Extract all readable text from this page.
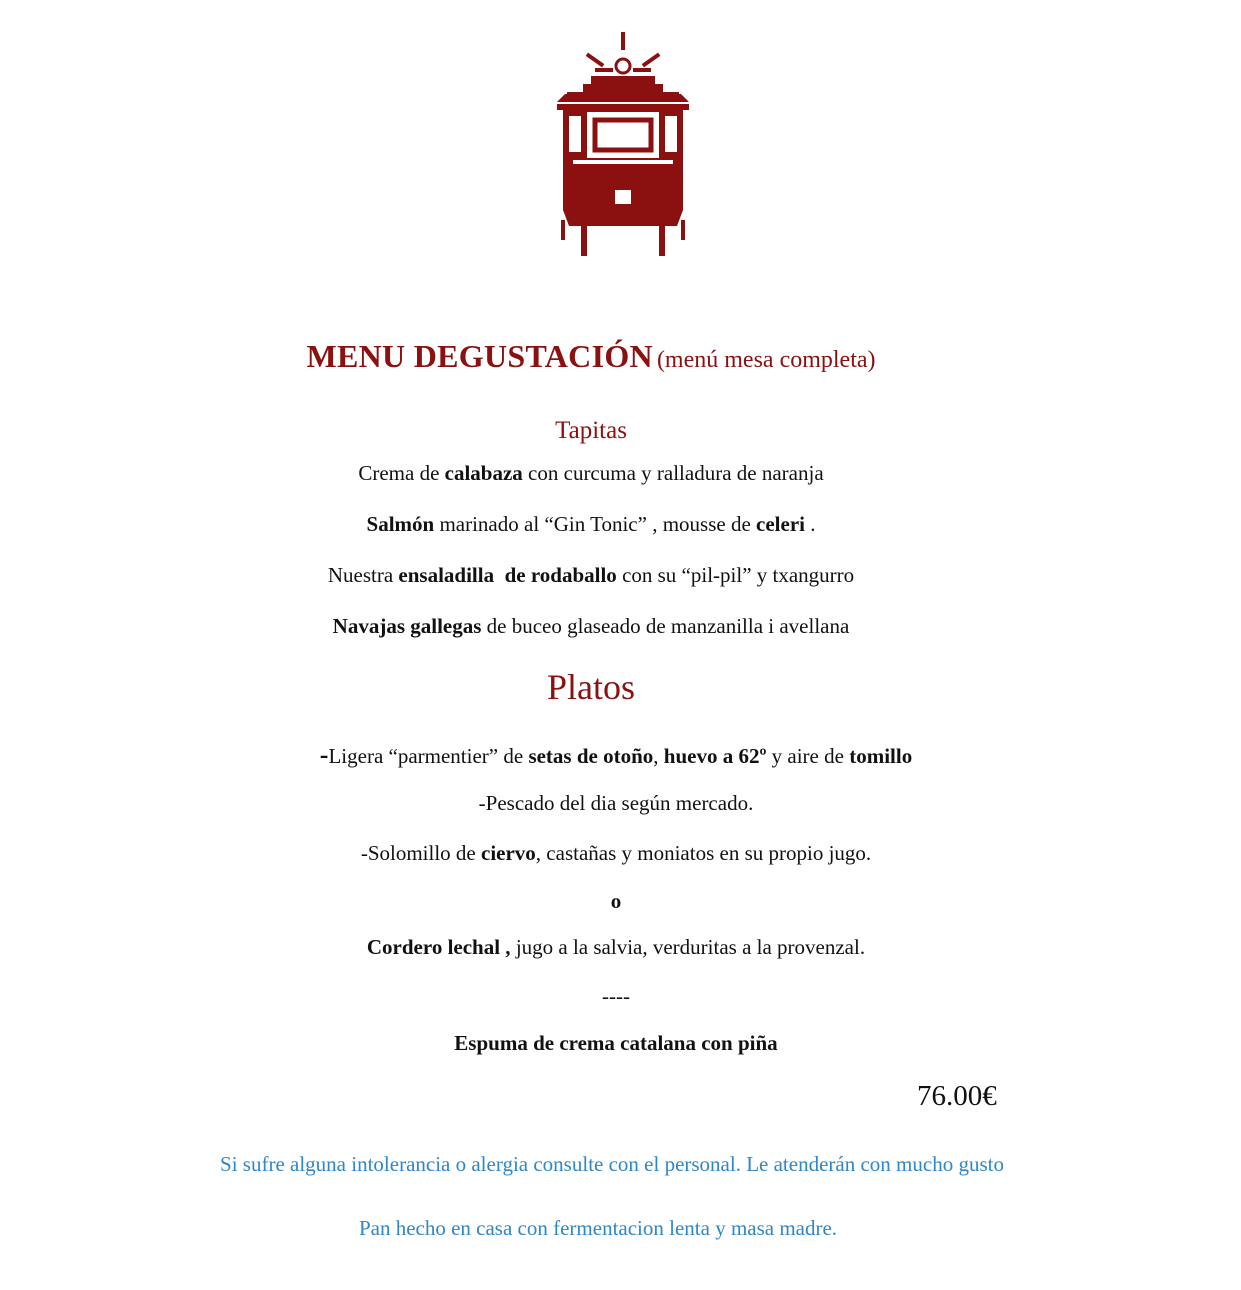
MENU DEGUSTACIÓN (menú mesa completa)
Tapitas
Crema de calabaza con curcuma y ralladura de naranja
Salmón marinado al “Gin Tonic” , mousse de celeri .
Nuestra ensaladilla  de rodaballo con su “pil-pil” y txangurro
Navajas gallegas de buceo glaseado de manzanilla i avellana
Platos
-Ligera “parmentier” de setas de otoño, huevo a 62º y aire de tomillo
-Pescado del dia según mercado.
-Solomillo de ciervo, castañas y moniatos en su propio jugo.
o
Cordero lechal , jugo a la salvia, verduritas a la provenzal.
----
Espuma de crema catalana con piña
76.00€
Si sufre alguna intolerancia o alergia consulte con el personal. Le atenderán con mucho gusto
Pan hecho en casa con fermentacion lenta y masa madre.
